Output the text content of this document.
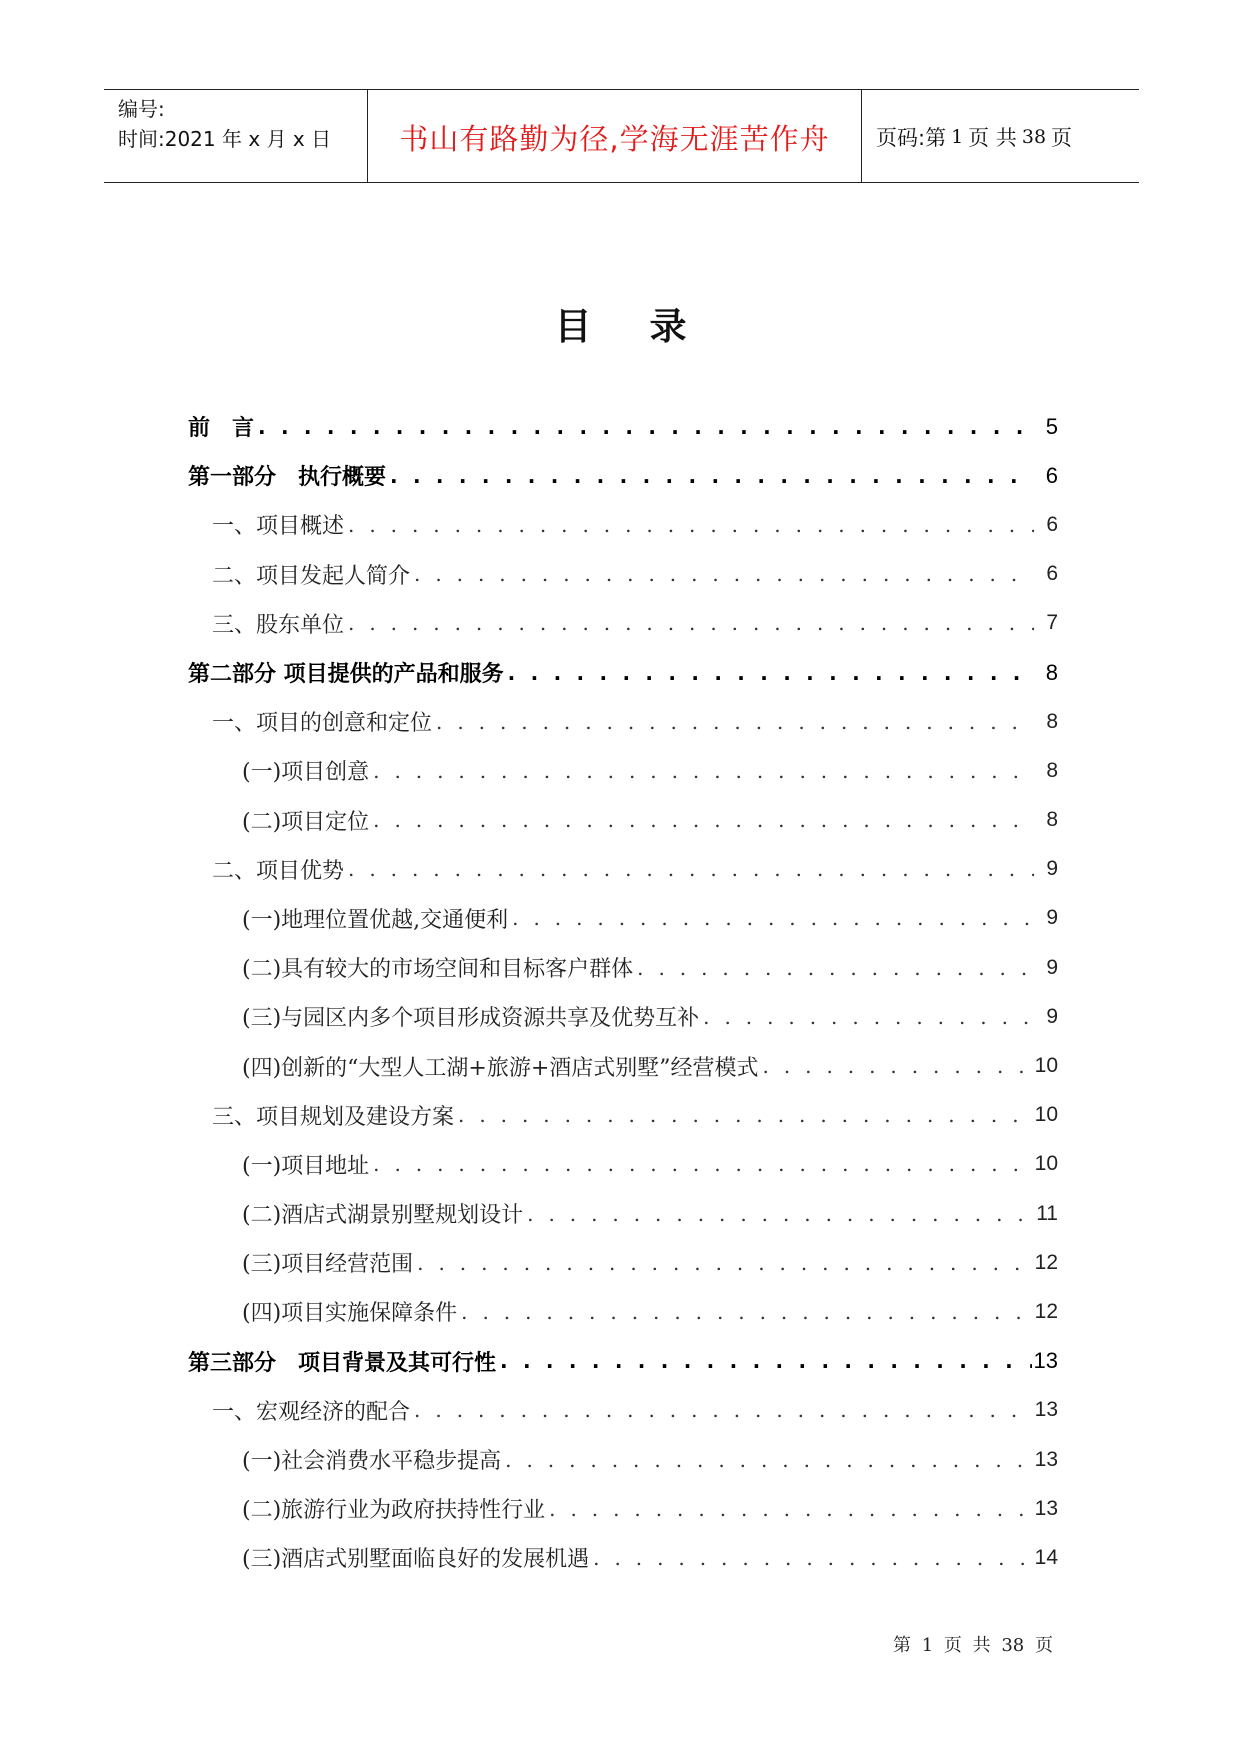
编号:
时间:2021 年 x 月 x 日	书山有路勤为径,学海无涯苦作舟 页码:第 1 页 共 38 页
目录
前　言 . . .	5
第一部分　执行概要 . . .	6
一、项目概述 . . .	6
二、项目发起人简介 . . .	6
三、股东单位 . . .	7
第二部分 项目提供的产品和服务 . . .	8
一、项目的创意和定位 . . .	8
(一)项目创意 . . .	8
(二)项目定位 . . .	8
二、项目优势 . . .	9
(一)地理位置优越,交通便利 . . .	9
(二)具有较大的市场空间和目标客户群体 . . .	9
(三)与园区内多个项目形成资源共享及优势互补 . . .	9
(四)创新的“大型人工湖+旅游+酒店式别墅”经营模式 . . .	10
三、项目规划及建设方案 . . .	10
(一)项目地址 . . .	10
(二)酒店式湖景别墅规划设计 . . .	11
(三)项目经营范围 . . .	12
(四)项目实施保障条件 . . .	12
第三部分　项目背景及其可行性 . . .	13
一、宏观经济的配合 . . .	13
(一)社会消费水平稳步提高 . . .	13
(二)旅游行业为政府扶持性行业 . . .	13
(三)酒店式别墅面临良好的发展机遇 . . .	14
第 1 页 共 38 页
